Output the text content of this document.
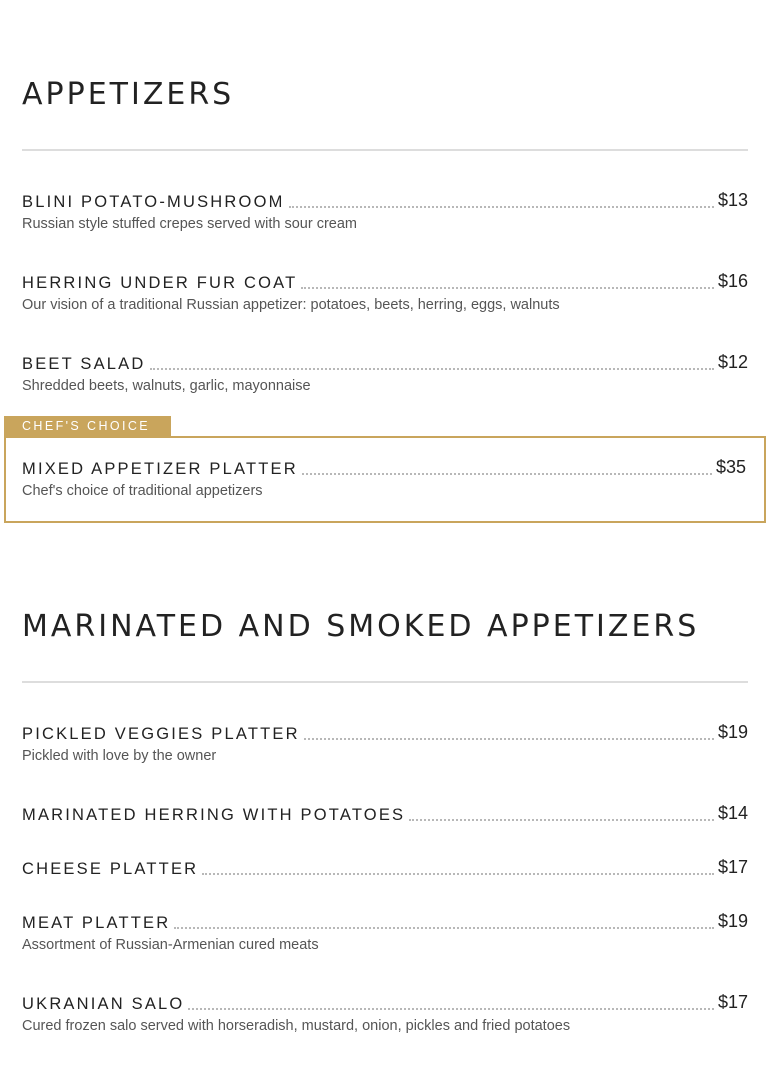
CHEF'S CHOICE
APPETIZERS
BLINI POTATO-MUSHROOM	$13
Russian style stuffed crepes served with sour cream
HERRING UNDER FUR COAT	$16
Our vision of a traditional Russian appetizer: potatoes, beets, herring, eggs, walnuts
BEET SALAD	$12
Shredded beets, walnuts, garlic, mayonnaise
MIXED APPETIZER PLATTER	$35
Chef's choice of traditional appetizers
MARINATED AND SMOKED APPETIZERS
PICKLED VEGGIES PLATTER	$19
Pickled with love by the owner
MARINATED HERRING WITH POTATOES	$14
CHEESE PLATTER	$17
MEAT PLATTER	$19
Assortment of Russian-Armenian cured meats
UKRANIAN SALO	$17
Cured frozen salo served with horseradish, mustard, onion, pickles and fried potatoes
